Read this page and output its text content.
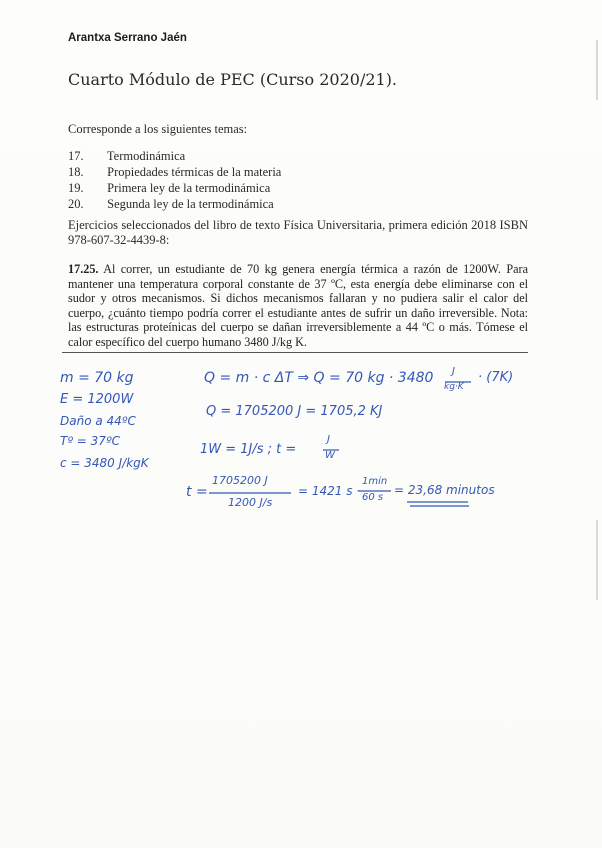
Arantxa Serrano Jaén
Cuarto Módulo de PEC (Curso 2020/21).
Corresponde a los siguientes temas:
17. Termodinámica
18. Propiedades térmicas de la materia
19. Primera ley de la termodinámica
20. Segunda ley de la termodinámica
Ejercicios seleccionados del libro de texto Física Universitaria, primera edición 2018 ISBN 978-607-32-4439-8:
17.25. Al correr, un estudiante de 70 kg genera energía térmica a razón de 1200W. Para mantener una temperatura corporal constante de 37 ºC, esta energía debe eliminarse con el sudor y otros mecanismos. Si dichos mecanismos fallaran y no pudiera salir el calor del cuerpo, ¿cuánto tiempo podría correr el estudiante antes de sufrir un daño irreversible. Nota: las estructuras proteínicas del cuerpo se dañan irreversiblemente a 44 ºC o más. Tómese el calor específico del cuerpo humano 3480 J/kg K.
m = 70 kg
E = 1200W
Daño a 44ºC
Tº = 37ºC
c = 3480 J/kgK
Q = m · c ΔT ⇒ Q = 70 kg · 3480 J
kg·K
· (7K)
Q = 1705200 J = 1705,2 KJ
1W = 1J/s ; t =
J
W
t =
1705200 J
1200 J/s
= 1421 s ·
1min
60 s
= 23,68 minutos
